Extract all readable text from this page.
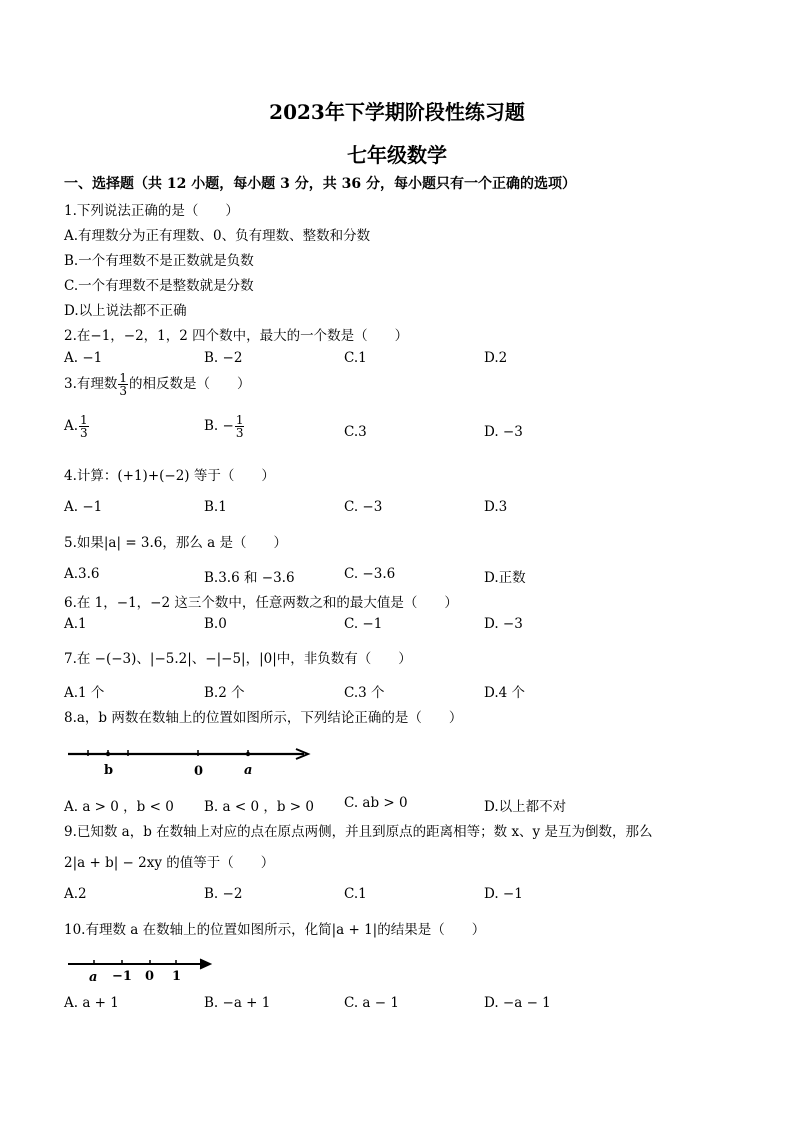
2023年下学期阶段性练习题
七年级数学
一、选择题（共 12 小题，每小题 3 分，共 36 分，每小题只有一个正确的选项）
1.下列说法正确的是（　　）
A.有理数分为正有理数、0、负有理数、整数和分数
B.一个有理数不是正数就是负数
C.一个有理数不是整数就是分数
D.以上说法都不正确
2.在−1，−2，1，2 四个数中，最大的一个数是（　　）
A. −1	B. −2	C.1	D.2
3.有理数 $\frac{1}{3}$ 的相反数是（　　）
A. $\frac{1}{3}$	B. − $\frac{1}{3}$	C.3	D. −3
4.计算：(+1)+(−2) 等于（　　）
A. −1	B.1	C. −3	D.3
5.如果|a| = 3.6，那么 a 是（　　）
A.3.6	B.3.6 和 −3.6	C. −3.6	D.正数
6.在 1，−1，−2 这三个数中，任意两数之和的最大值是（　　）
A.1	B.0	C. −1	D. −3
7.在 −(−3)、|−5.2|、−|−5|，|0|中，非负数有（　　）
A.1 个	B.2 个	C.3 个	D.4 个
8.a，b 两数在数轴上的位置如图所示，下列结论正确的是（　　）
b	0	a
A. a > 0 ，b < 0 B. a < 0 ，b > 0 C. ab > 0	D.以上都不对
9.已知数 a，b 在数轴上对应的点在原点两侧，并且到原点的距离相等；数 x、y 是互为倒数，那么
2|a + b| − 2xy 的值等于（　　）
A.2	B. −2	C.1	D. −1
10.有理数 a 在数轴上的位置如图所示，化简|a + 1|的结果是（　　）
a −1 0 1
A. a + 1	B. −a + 1	C. a − 1	D. −a − 1
